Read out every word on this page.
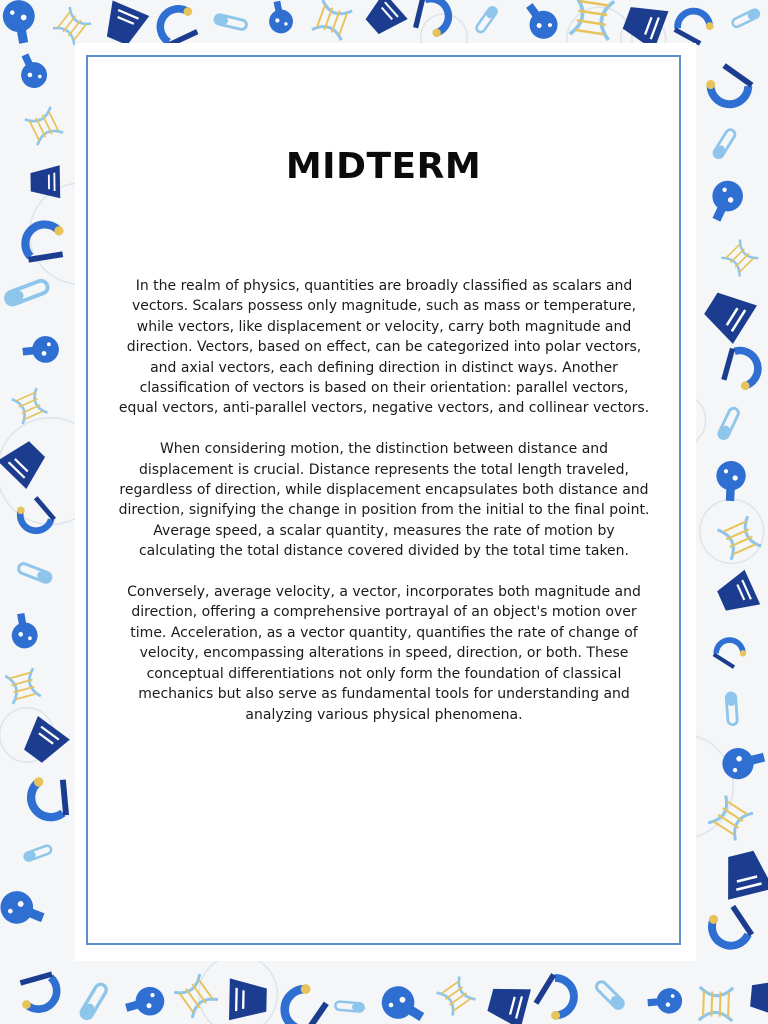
MIDTERM

In the realm of physics, quantities are broadly classified as scalars and vectors. Scalars possess only magnitude, such as mass or temperature, while vectors, like displacement or velocity, carry both magnitude and direction. Vectors, based on effect, can be categorized into polar vectors, and axial vectors, each defining direction in distinct ways. Another classification of vectors is based on their orientation: parallel vectors, equal vectors, anti-parallel vectors, negative vectors, and collinear vectors.

When considering motion, the distinction between distance and displacement is crucial. Distance represents the total length traveled, regardless of direction, while displacement encapsulates both distance and direction, signifying the change in position from the initial to the final point. Average speed, a scalar quantity, measures the rate of motion by calculating the total distance covered divided by the total time taken.

Conversely, average velocity, a vector, incorporates both magnitude and direction, offering a comprehensive portrayal of an object's motion over time. Acceleration, as a vector quantity, quantifies the rate of change of velocity, encompassing alterations in speed, direction, or both. These conceptual differentiations not only form the foundation of classical mechanics but also serve as fundamental tools for understanding and analyzing various physical phenomena.
